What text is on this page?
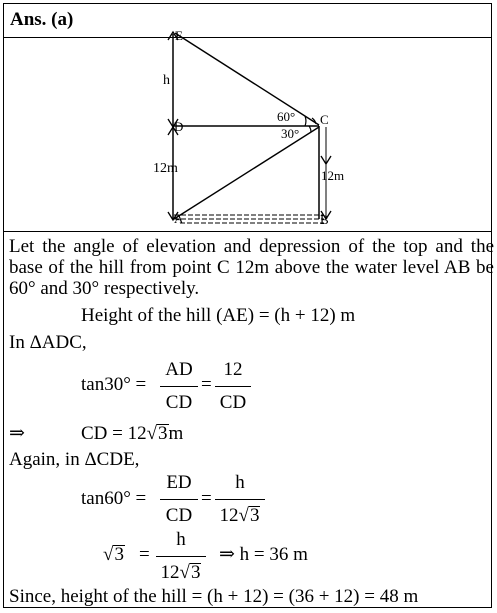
Ans. (a)
E
h
D
12m
A
C
12m
B
60°
30°
Let the angle of elevation and depression of the top and the base of the hill from point C 12m above the water level AB be 60° and 30° respectively.
Height of the hill (AE) = (h + 12) m
In ΔADC,
tan30° =
AD
CD
=
12
CD
⇒	CD = 12√3m
Again, in ΔCDE,
tan60° =
ED
CD
=
h
12√3
√3 =
h
12√3
⇒ h = 36 m
Since, height of the hill = (h + 12) = (36 + 12) = 48 m
